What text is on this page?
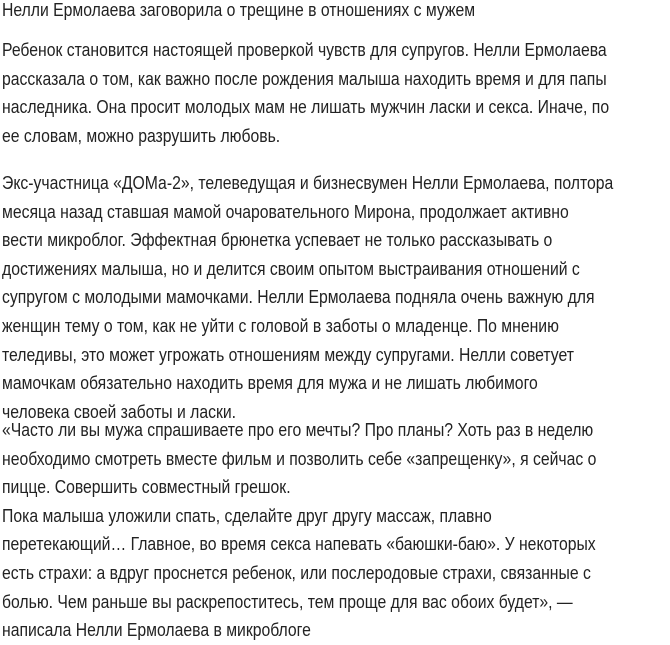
Нелли Ермолаева заговорила о трещине в отношениях с мужем
Ребенок становится настоящей проверкой чувств для супругов. Нелли Ермолаева
рассказала о том, как важно после рождения малыша находить время и для папы
наследника. Она просит молодых мам не лишать мужчин ласки и секса. Иначе, по
ее словам, можно разрушить любовь.
Экс-участница «ДОМа-2», телеведущая и бизнесвумен Нелли Ермолаева, полтора
месяца назад ставшая мамой очаровательного Мирона, продолжает активно
вести микроблог. Эффектная брюнетка успевает не только рассказывать о
достижениях малыша, но и делится своим опытом выстраивания отношений с
супругом с молодыми мамочками. Нелли Ермолаева подняла очень важную для
женщин тему о том, как не уйти с головой в заботы о младенце. По мнению
теледивы, это может угрожать отношениям между супругами. Нелли советует
мамочкам обязательно находить время для мужа и не лишать любимого
человека своей заботы и ласки.
«Часто ли вы мужа спрашиваете про его мечты? Про планы? Хоть раз в неделю
необходимо смотреть вместе фильм и позволить себе «запрещенку», я сейчас о
пицце. Совершить совместный грешок.
Пока малыша уложили спать, сделайте друг другу массаж, плавно
перетекающий… Главное, во время секса напевать «баюшки-баю». У некоторых
есть страхи: а вдруг проснется ребенок, или послеродовые страхи, связанные с
болью. Чем раньше вы раскрепоститесь, тем проще для вас обоих будет», —
написала Нелли Ермолаева в микроблоге
